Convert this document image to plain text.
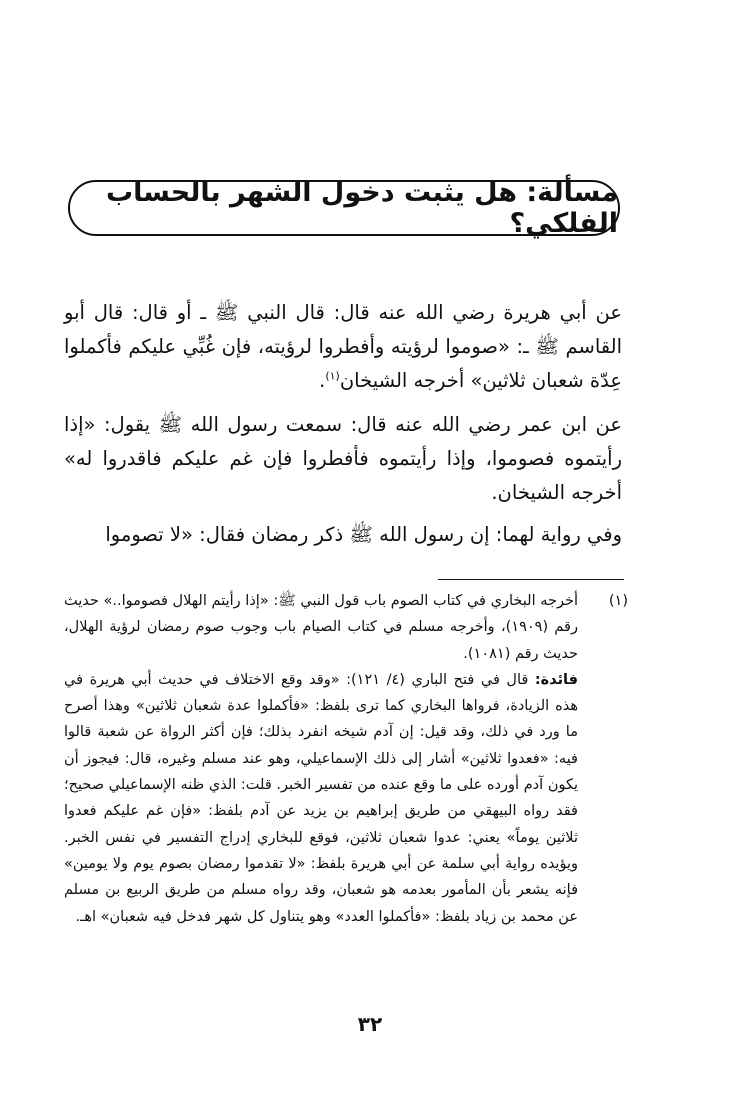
مسألة: هل يثبت دخول الشهر بالحساب الفلكي؟

عن أبي هريرة رضي الله عنه قال: قال النبي ﷺ ـ أو قال: قال أبو القاسم ﷺ ـ: «صوموا لرؤيته وأفطروا لرؤيته، فإن غُبِّي عليكم فأكملوا عِدّة شعبان ثلاثين» أخرجه الشيخان$^{(١)}$.

عن ابن عمر رضي الله عنه قال: سمعت رسول الله ﷺ يقول: «إذا رأيتموه فصوموا، وإذا رأيتموه فأفطروا فإن غم عليكم فاقدروا له» أخرجه الشيخان.

وفي رواية لهما: إن رسول الله ﷺ ذكر رمضان فقال: «لا تصوموا

(١)
أخرجه البخاري في كتاب الصوم باب قول النبي ﷺ: «إذا رأيتم الهلال فصوموا..» حديث رقم (١٩٠٩)، وأخرجه مسلم في كتاب الصيام باب وجوب صوم رمضان لرؤية الهلال، حديث رقم (١٠٨١).
فائدة: قال في فتح الباري (٤/ ١٢١): «وقد وقع الاختلاف في حديث أبي هريرة في هذه الزيادة، فرواها البخاري كما ترى بلفظ: «فأكملوا عدة شعبان ثلاثين» وهذا أصرح ما ورد في ذلك، وقد قيل: إن آدم شيخه انفرد بذلك؛ فإن أكثر الرواة عن شعبة قالوا فيه: «فعدوا ثلاثين» أشار إلى ذلك الإسماعيلي، وهو عند مسلم وغيره، قال: فيجوز أن يكون آدم أورده على ما وقع عنده من تفسير الخبر. قلت: الذي ظنه الإسماعيلي صحيح؛ فقد رواه البيهقي من طريق إبراهيم بن يزيد عن آدم بلفظ: «فإن غم عليكم فعدوا ثلاثين يوماً» يعني: عدوا شعبان ثلاثين، فوقع للبخاري إدراج التفسير في نفس الخبر. ويؤيده رواية أبي سلمة عن أبي هريرة بلفظ: «لا تقدموا رمضان بصوم يوم ولا يومين» فإنه يشعر بأن المأمور بعدمه هو شعبان، وقد رواه مسلم من طريق الربيع بن مسلم عن محمد بن زياد بلفظ: «فأكملوا العدد» وهو يتناول كل شهر فدخل فيه شعبان» اهـ.
٣٢
